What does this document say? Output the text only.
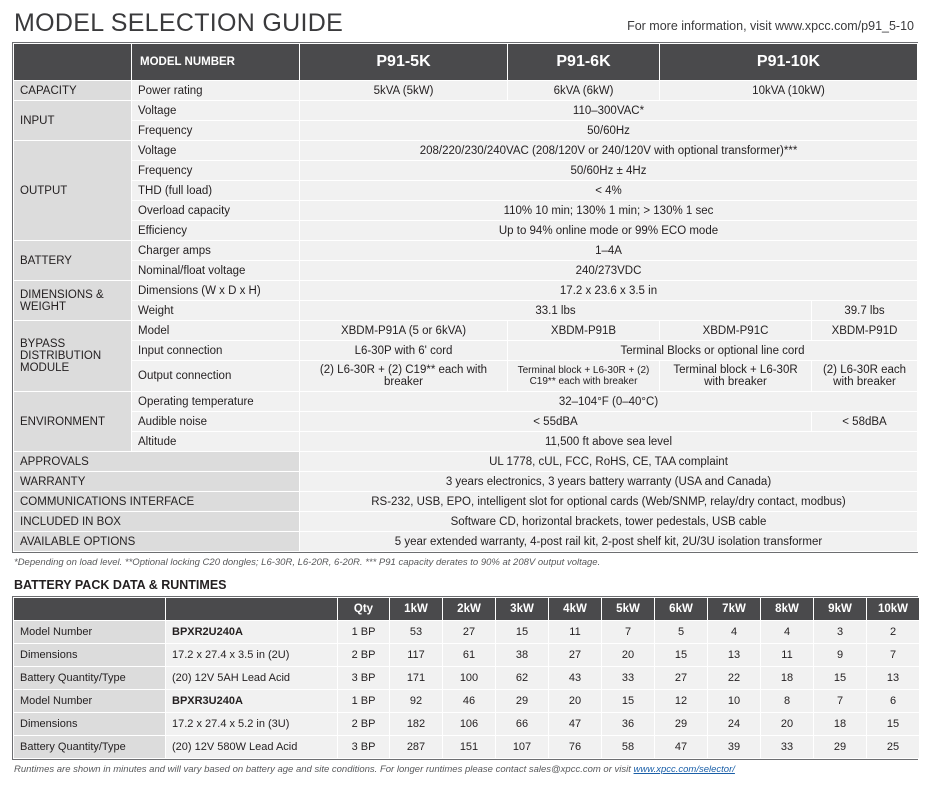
MODEL SELECTION GUIDE	For more information, visit www.xpcc.com/p91_5-10
	MODEL NUMBER	P91-5K	P91-6K	P91-10K	
CAPACITY	Power rating	5kVA (5kW)	6kVA (6kW)	10kVA (10kW)	
INPUT	Voltage	110–300VAC*			
	Frequency	50/60Hz			
OUTPUT	Voltage	208/220/230/240VAC (208/120V or 240/120V with optional transformer)***			
	Frequency	50/60Hz ± 4Hz			
	THD (full load)	< 4%			
	Overload capacity	110% 10 min; 130% 1 min; > 130% 1 sec			
	Efficiency	Up to 94% online mode or 99% ECO mode			
BATTERY	Charger amps	1–4A			
	Nominal/float voltage	240/273VDC			
DIMENSIONS & WEIGHT	Dimensions (W x D x H)	17.2 x 23.6 x 3.5 in			
	Weight	33.1 lbs			39.7 lbs
BYPASS DISTRIBUTION MODULE	Model	XBDM-P91A (5 or 6kVA)	XBDM-P91B	XBDM-P91C	XBDM-P91D
	Input connection	L6-30P with 6' cord	Terminal Blocks or optional line cord		
	Output connection	(2) L6-30R + (2) C19** each with breaker	Terminal block + L6-30R + (2) C19** each with breaker	Terminal block + L6-30R with breaker	(2) L6-30R each with breaker
ENVIRONMENT	Operating temperature	32–104°F (0–40°C)			
	Audible noise	< 55dBA			< 58dBA
	Altitude	11,500 ft above sea level			
APPROVALS		UL 1778, cUL, FCC, RoHS, CE, TAA complaint			
WARRANTY		3 years electronics, 3 years battery warranty (USA and Canada)			
COMMUNICATIONS INTERFACE		RS-232, USB, EPO, intelligent slot for optional cards (Web/SNMP, relay/dry contact, modbus)			
INCLUDED IN BOX		Software CD, horizontal brackets, tower pedestals, USB cable			
AVAILABLE OPTIONS		5 year extended warranty, 4-post rail kit, 2-post shelf kit, 2U/3U isolation transformer			
*Depending on load level. **Optional locking C20 dongles; L6-30R, L6-20R, 6-20R. *** P91 capacity derates to 90% at 208V output voltage.
BATTERY PACK DATA & RUNTIMES
		Qty	1kW	2kW	3kW	4kW	5kW	6kW	7kW	8kW	9kW	10kW
Model Number	BPXR2U240A	1 BP	53	27	15	11	7	5	4	4	3	2
Dimensions	17.2 x 27.4 x 3.5 in (2U)	2 BP	117	61	38	27	20	15	13	11	9	7
Battery Quantity/Type	(20) 12V 5AH Lead Acid	3 BP	171	100	62	43	33	27	22	18	15	13
Model Number	BPXR3U240A	1 BP	92	46	29	20	15	12	10	8	7	6
Dimensions	17.2 x 27.4 x 5.2 in (3U)	2 BP	182	106	66	47	36	29	24	20	18	15
Battery Quantity/Type	(20) 12V 580W Lead Acid	3 BP	287	151	107	76	58	47	39	33	29	25
Runtimes are shown in minutes and will vary based on battery age and site conditions. For longer runtimes please contact sales@xpcc.com or visit www.xpcc.com/selector/
